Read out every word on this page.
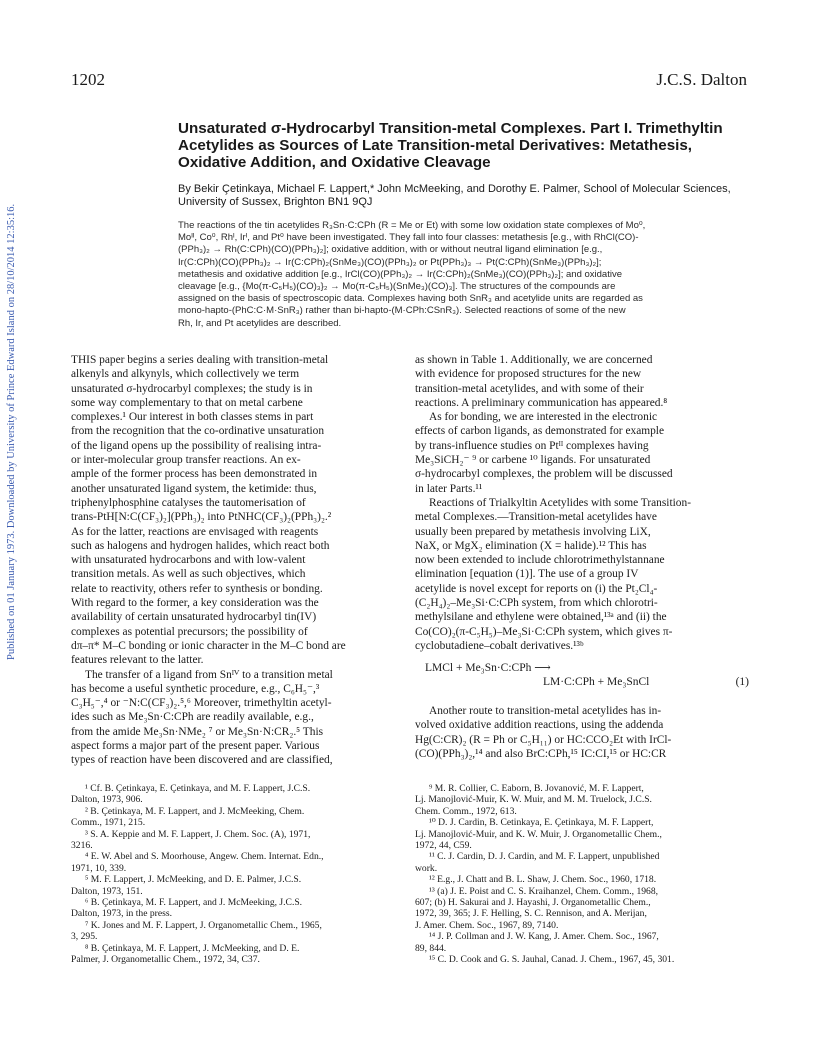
Published on 01 January 1973. Downloaded by University of Prince Edward Island on 28/10/2014 12:35:16.
1202	J.C.S. Dalton
Unsaturated σ-Hydrocarbyl Transition-metal Complexes. Part I. Trimethyltin Acetylides as Sources of Late Transition-metal Derivatives: Metathesis, Oxidative Addition, and Oxidative Cleavage
By Bekir Çetinkaya, Michael F. Lappert,* John McMeeking, and Dorothy E. Palmer, School of Molecular Sciences, University of Sussex, Brighton BN1 9QJ
The reactions of the tin acetylides R₃Sn·C:CPh (R = Me or Et) with some low oxidation state complexes of Mo⁰,
Moᴵᴵ, Co⁰, Rhᴵ, Irᴵ, and Pt⁰ have been investigated. They fall into four classes: metathesis [e.g., with RhCl(CO)-
(PPh₃)₂ → Rh(C:CPh)(CO)(PPh₃)₂]; oxidative addition, with or without neutral ligand elimination [e.g.,
Ir(C:CPh)(CO)(PPh₃)₂ → Ir(C:CPh)₂(SnMe₃)(CO)(PPh₃)₂ or Pt(PPh₃)₃ → Pt(C:CPh)(SnMe₃)(PPh₃)₂];
metathesis and oxidative addition [e.g., IrCl(CO)(PPh₃)₂ → Ir(C:CPh)₂(SnMe₃)(CO)(PPh₃)₂]; and oxidative
cleavage [e.g., {Mo(π-C₅H₅)(CO)₃}₂ → Mo(π-C₅H₅)(SnMe₃)(CO)₃]. The structures of the compounds are
assigned on the basis of spectroscopic data. Complexes having both SnR₃ and acetylide units are regarded as
mono-hapto-(PhC:C·M·SnR₃) rather than bi-hapto-(M·CPh:CSnR₃). Selected reactions of some of the new
Rh, Ir, and Pt acetylides are described.
THIS paper begins a series dealing with transition-metal
alkenyls and alkynyls, which collectively we term
unsaturated σ-hydrocarbyl complexes; the study is in
some way complementary to that on metal carbene
complexes.¹ Our interest in both classes stems in part
from the recognition that the co-ordinative unsaturation
of the ligand opens up the possibility of realising intra-
or inter-molecular group transfer reactions. An ex-
ample of the former process has been demonstrated in
another unsaturated ligand system, the ketimide: thus,
triphenylphosphine catalyses the tautomerisation of
trans-PtH[N:C(CF₃)₂](PPh₃)₂ into PtNHC(CF₃)₂(PPh₃)₂.²
As for the latter, reactions are envisaged with reagents
such as halogens and hydrogen halides, which react both
with unsaturated hydrocarbons and with low-valent
transition metals. As well as such objectives, which
relate to reactivity, others refer to synthesis or bonding.
With regard to the former, a key consideration was the
availability of certain unsaturated hydrocarbyl tin(IV)
complexes as potential precursors; the possibility of
dπ–π* M–C bonding or ionic character in the M–C bond are
features relevant to the latter.
The transfer of a ligand from Snᴵⱽ to a transition metal
has become a useful synthetic procedure, e.g., C₆H₅⁻,³
C₃H₅⁻,⁴ or ⁻N:C(CF₃)₂.⁵,⁶ Moreover, trimethyltin acetyl-
ides such as Me₃Sn·C:CPh are readily available, e.g.,
from the amide Me₃Sn·NMe₂ ⁷ or Me₃Sn·N:CR₂.⁵ This
aspect forms a major part of the present paper. Various
types of reaction have been discovered and are classified,
as shown in Table 1. Additionally, we are concerned
with evidence for proposed structures for the new
transition-metal acetylides, and with some of their
reactions. A preliminary communication has appeared.⁸
As for bonding, we are interested in the electronic
effects of carbon ligands, as demonstrated for example
by trans-influence studies on Ptᴵᴵ complexes having
Me₃SiCH₂⁻ ⁹ or carbene ¹⁰ ligands. For unsaturated
σ-hydrocarbyl complexes, the problem will be discussed
in later Parts.¹¹
Reactions of Trialkyltin Acetylides with some Transition-
metal Complexes.—Transition-metal acetylides have
usually been prepared by metathesis involving LiX,
NaX, or MgX₂ elimination (X = halide).¹² This has
now been extended to include chlorotrimethylstannane
elimination [equation (1)]. The use of a group IV
acetylide is novel except for reports on (i) the Pt₂Cl₄-
(C₂H₄)₂–Me₃Si·C:CPh system, from which chlorotri-
methylsilane and ethylene were obtained,¹³ᵃ and (ii) the
Co(CO)₂(π-C₅H₅)–Me₃Si·C:CPh system, which gives π-
cyclobutadiene–cobalt derivatives.¹³ᵇ
LMCl + Me₃Sn·C:CPh ⟶
LM·C:CPh + Me₃SnCl	(1)
Another route to transition-metal acetylides has in-
volved oxidative addition reactions, using the addenda
Hg(C:CR)₂ (R = Ph or C₅H₁₁) or HC:CCO₂Et with IrCl-
(CO)(PPh₃)₂,¹⁴ and also BrC:CPh,¹⁵ IC:CI,¹⁵ or HC:CR
¹ Cf. B. Çetinkaya, E. Çetinkaya, and M. F. Lappert, J.C.S.
Dalton, 1973, 906.
² B. Çetinkaya, M. F. Lappert, and J. McMeeking, Chem.
Comm., 1971, 215.
³ S. A. Keppie and M. F. Lappert, J. Chem. Soc. (A), 1971,
3216.
⁴ E. W. Abel and S. Moorhouse, Angew. Chem. Internat. Edn.,
1971, 10, 339.
⁵ M. F. Lappert, J. McMeeking, and D. E. Palmer, J.C.S.
Dalton, 1973, 151.
⁶ B. Çetinkaya, M. F. Lappert, and J. McMeeking, J.C.S.
Dalton, 1973, in the press.
⁷ K. Jones and M. F. Lappert, J. Organometallic Chem., 1965,
3, 295.
⁸ B. Çetinkaya, M. F. Lappert, J. McMeeking, and D. E.
Palmer, J. Organometallic Chem., 1972, 34, C37.
⁹ M. R. Collier, C. Eaborn, B. Jovanović, M. F. Lappert,
Lj. Manojlović-Muir, K. W. Muir, and M. M. Truelock, J.C.S.
Chem. Comm., 1972, 613.
¹⁰ D. J. Cardin, B. Cetinkaya, E. Çetinkaya, M. F. Lappert,
Lj. Manojlović-Muir, and K. W. Muir, J. Organometallic Chem.,
1972, 44, C59.
¹¹ C. J. Cardin, D. J. Cardin, and M. F. Lappert, unpublished
work.
¹² E.g., J. Chatt and B. L. Shaw, J. Chem. Soc., 1960, 1718.
¹³ (a) J. E. Poist and C. S. Kraihanzel, Chem. Comm., 1968,
607; (b) H. Sakurai and J. Hayashi, J. Organometallic Chem.,
1972, 39, 365; J. F. Helling, S. C. Rennison, and A. Merijan,
J. Amer. Chem. Soc., 1967, 89, 7140.
¹⁴ J. P. Collman and J. W. Kang, J. Amer. Chem. Soc., 1967,
89, 844.
¹⁵ C. D. Cook and G. S. Jauhal, Canad. J. Chem., 1967, 45, 301.
